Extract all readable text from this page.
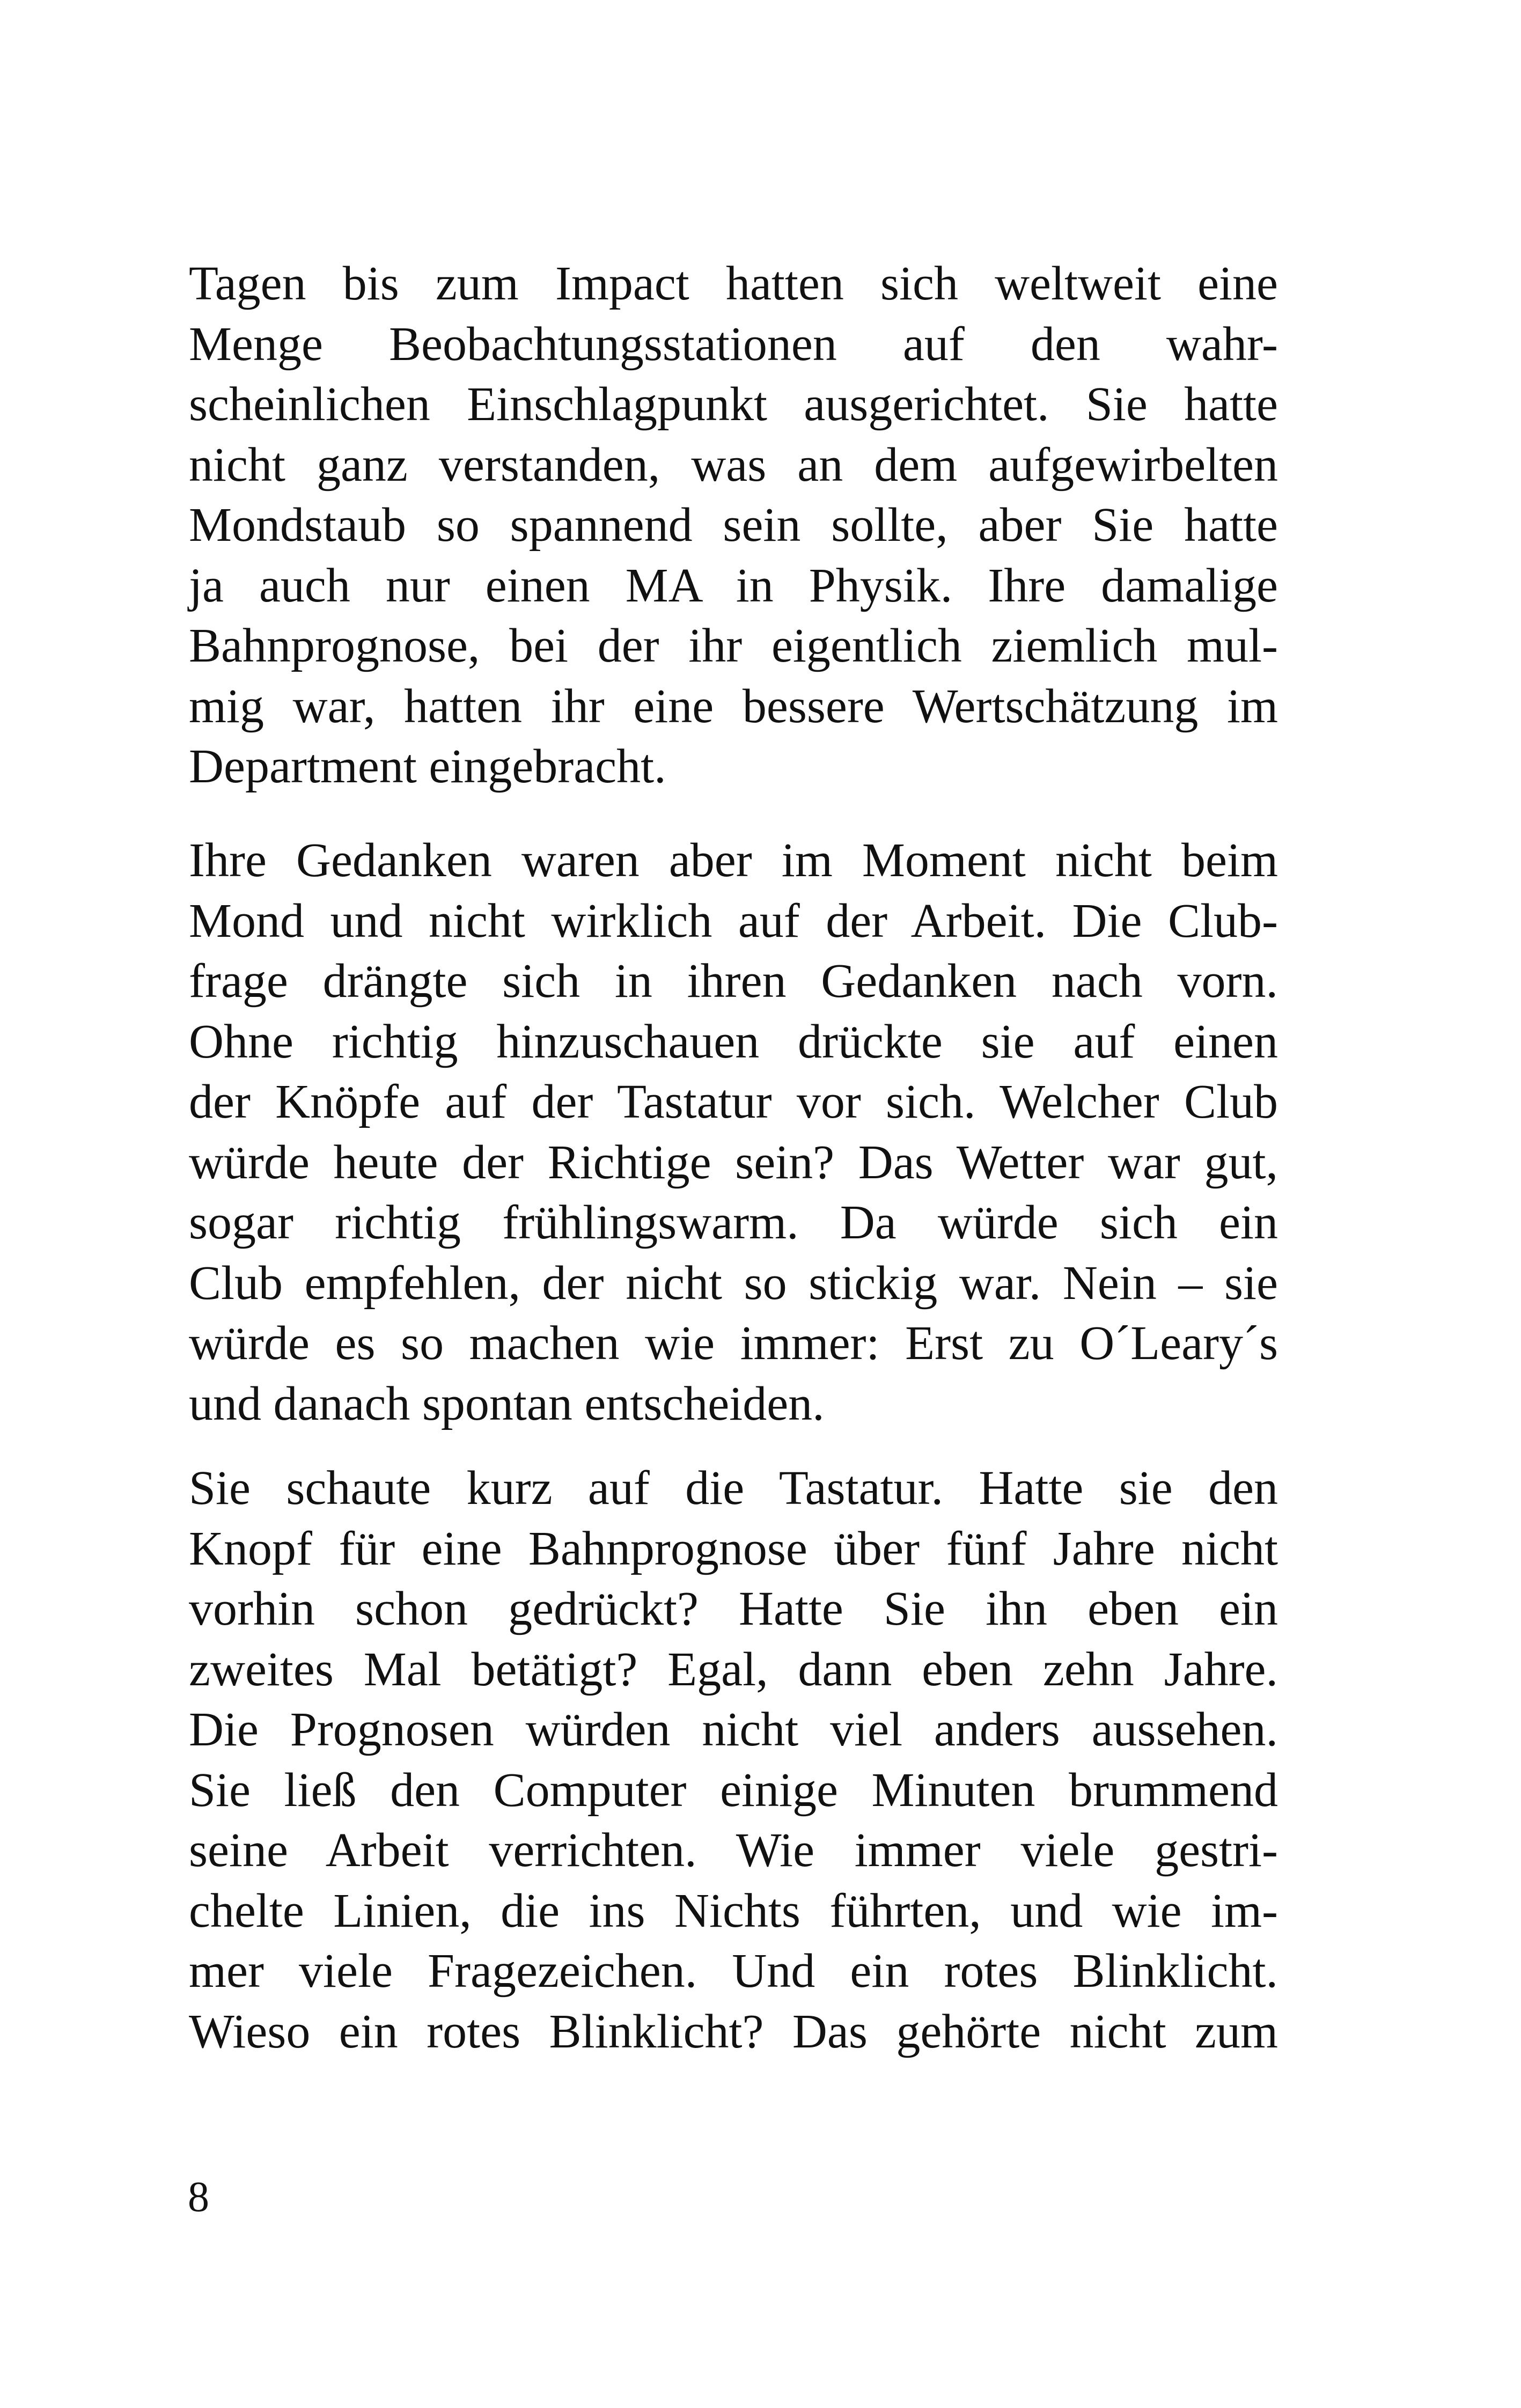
Tagen bis zum Impact hatten sich weltweit eine
Menge Beobachtungsstationen auf den wahr-
scheinlichen Einschlagpunkt ausgerichtet. Sie hatte
nicht ganz verstanden, was an dem aufgewirbelten
Mondstaub so spannend sein sollte, aber Sie hatte
ja auch nur einen MA in Physik. Ihre damalige
Bahnprognose, bei der ihr eigentlich ziemlich mul-
mig war, hatten ihr eine bessere Wertschätzung im
Department eingebracht.
Ihre Gedanken waren aber im Moment nicht beim
Mond und nicht wirklich auf der Arbeit. Die Club-
frage drängte sich in ihren Gedanken nach vorn.
Ohne richtig hinzuschauen drückte sie auf einen
der Knöpfe auf der Tastatur vor sich. Welcher Club
würde heute der Richtige sein? Das Wetter war gut,
sogar richtig frühlingswarm. Da würde sich ein
Club empfehlen, der nicht so stickig war. Nein – sie
würde es so machen wie immer: Erst zu O´Leary´s
und danach spontan entscheiden.
Sie schaute kurz auf die Tastatur. Hatte sie den
Knopf für eine Bahnprognose über fünf Jahre nicht
vorhin schon gedrückt? Hatte Sie ihn eben ein
zweites Mal betätigt? Egal, dann eben zehn Jahre.
Die Prognosen würden nicht viel anders aussehen.
Sie ließ den Computer einige Minuten brummend
seine Arbeit verrichten. Wie immer viele gestri-
chelte Linien, die ins Nichts führten, und wie im-
mer viele Fragezeichen. Und ein rotes Blinklicht.
Wieso ein rotes Blinklicht? Das gehörte nicht zum
8
